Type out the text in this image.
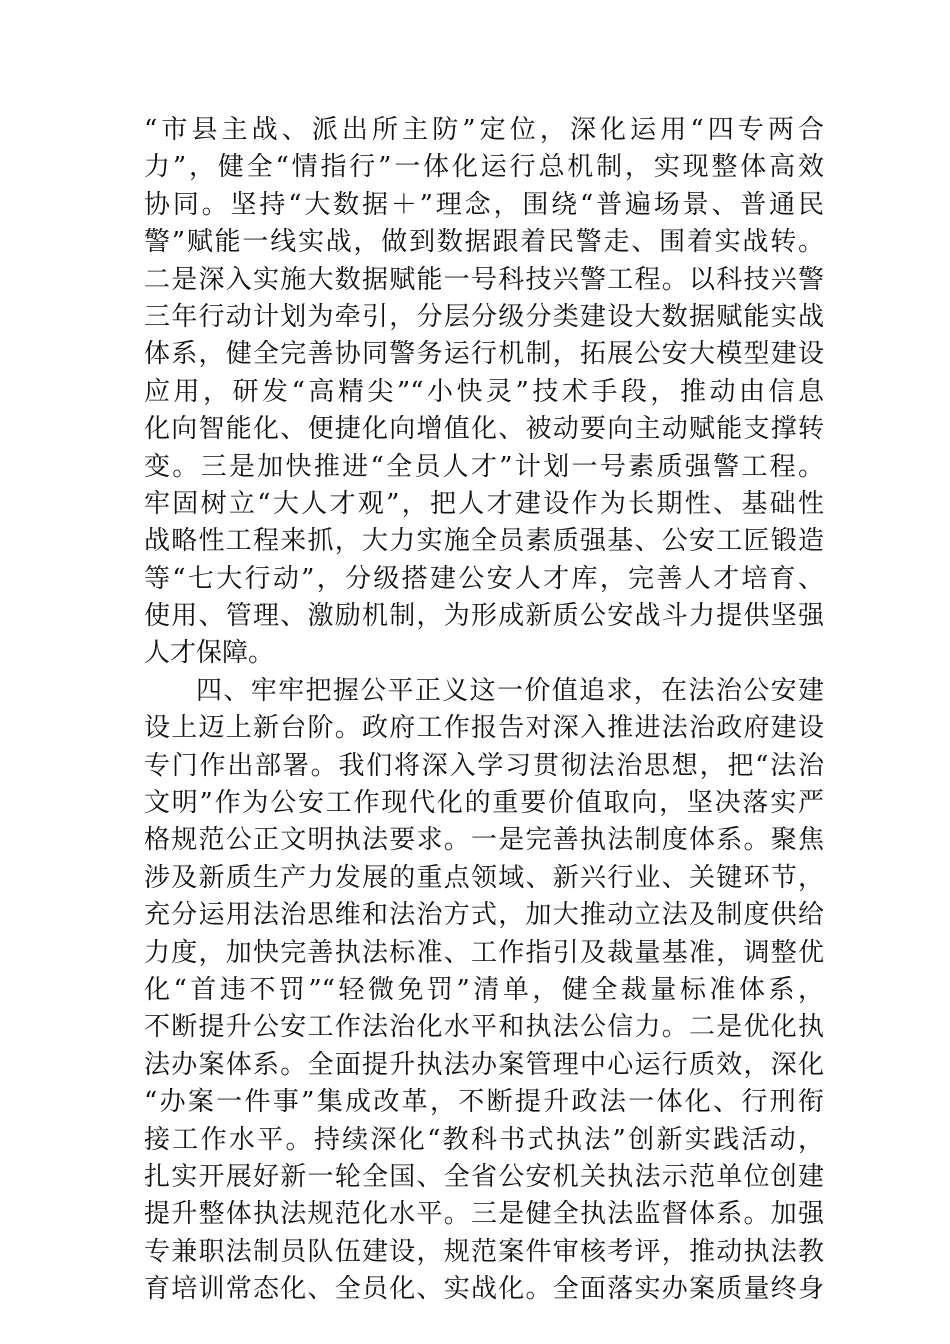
“市县主战、派出所主防”定位，深化运用“四专两合
力”，健全“情指行”一体化运行总机制，实现整体高效
协同。坚持“大数据＋”理念，围绕“普遍场景、普通民
警”赋能一线实战，做到数据跟着民警走、围着实战转。
二是深入实施大数据赋能一号科技兴警工程。以科技兴警
三年行动计划为牵引，分层分级分类建设大数据赋能实战
体系，健全完善协同警务运行机制，拓展公安大模型建设
应用，研发“高精尖”“小快灵”技术手段，推动由信息
化向智能化、便捷化向增值化、被动要向主动赋能支撑转
变。三是加快推进“全员人才”计划一号素质强警工程。
牢固树立“大人才观”，把人才建设作为长期性、基础性
战略性工程来抓，大力实施全员素质强基、公安工匠锻造
等“七大行动”，分级搭建公安人才库，完善人才培育、
使用、管理、激励机制，为形成新质公安战斗力提供坚强
人才保障。
四、牢牢把握公平正义这一价值追求，在法治公安建
设上迈上新台阶。政府工作报告对深入推进法治政府建设
专门作出部署。我们将深入学习贯彻法治思想，把“法治
文明”作为公安工作现代化的重要价值取向，坚决落实严
格规范公正文明执法要求。一是完善执法制度体系。聚焦
涉及新质生产力发展的重点领域、新兴行业、关键环节，
充分运用法治思维和法治方式，加大推动立法及制度供给
力度，加快完善执法标准、工作指引及裁量基准，调整优
化“首违不罚”“轻微免罚”清单，健全裁量标准体系，
不断提升公安工作法治化水平和执法公信力。二是优化执
法办案体系。全面提升执法办案管理中心运行质效，深化
“办案一件事”集成改革，不断提升政法一体化、行刑衔
接工作水平。持续深化“教科书式执法”创新实践活动，
扎实开展好新一轮全国、全省公安机关执法示范单位创建
提升整体执法规范化水平。三是健全执法监督体系。加强
专兼职法制员队伍建设，规范案件审核考评，推动执法教
育培训常态化、全员化、实战化。全面落实办案质量终身
